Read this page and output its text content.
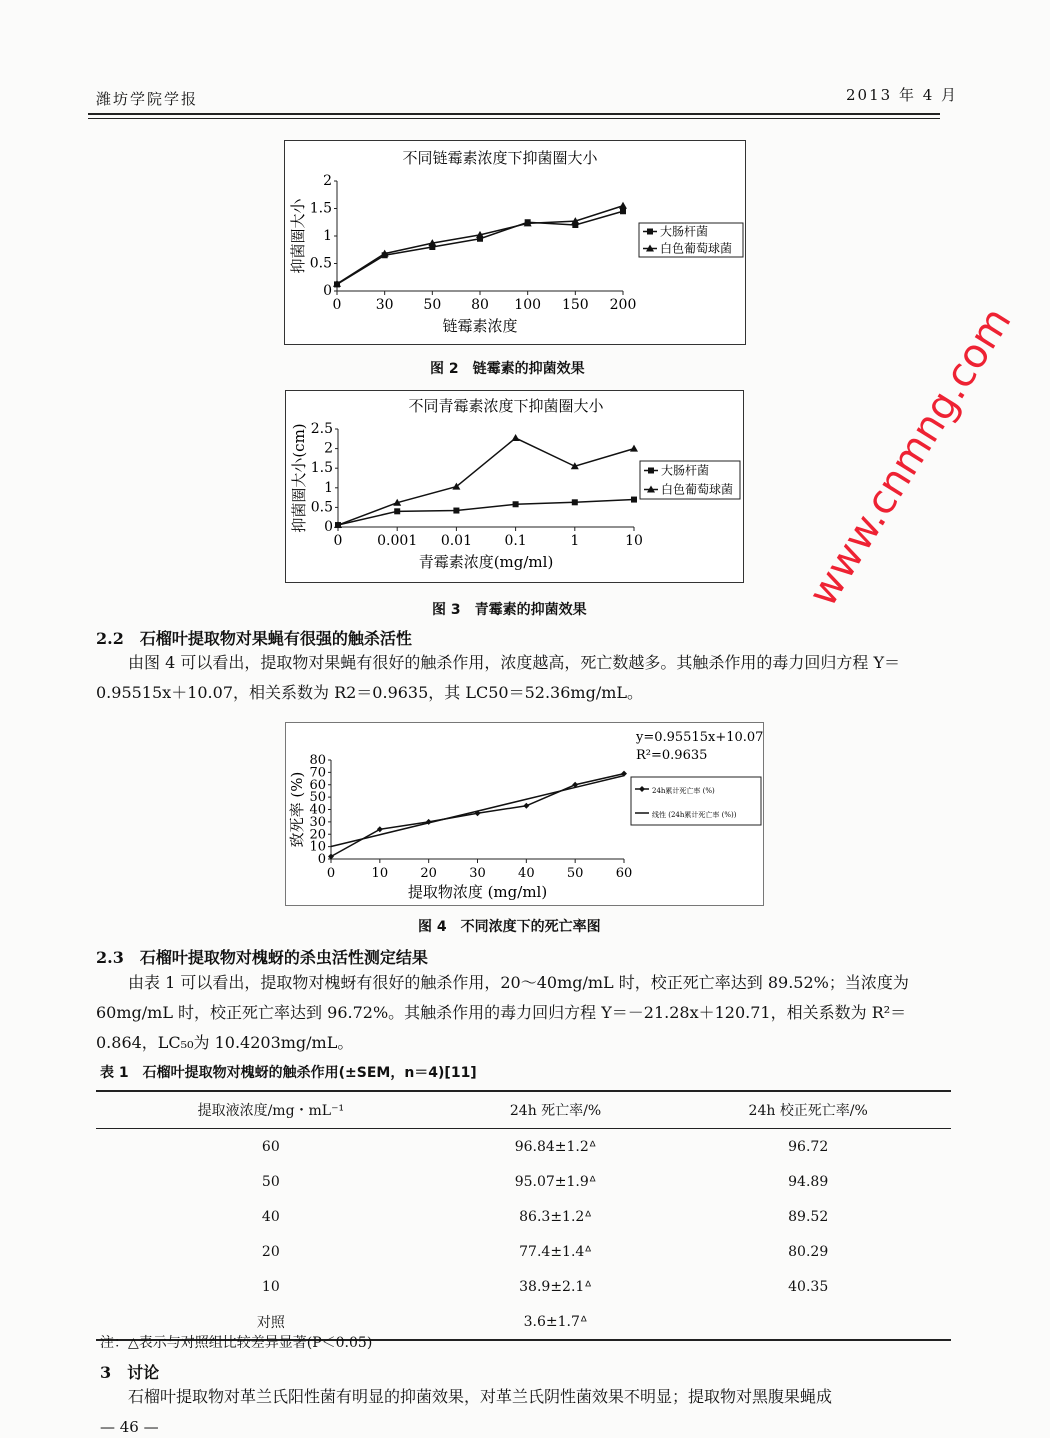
潍坊学院学报	2013 年 4 月
不同链霉素浓度下抑菌圈大小
0 30 50 80 100 150 200
0
0.5
1
1.5
2
链霉素浓度
抑菌圈大小	大肠杆菌
白色葡萄球菌
图 2　链霉素的抑菌效果
不同青霉素浓度下抑菌圈大小
0 0.001 0.01 0.1	1	10
0
0.5
1
1.5
2
2.5
青霉素浓度(mg/ml)
抑菌圈大小(cm)	大肠杆菌
白色葡萄球菌
图 3　青霉素的抑菌效果
2.2　石榴叶提取物对果蝇有很强的触杀活性
由图 4 可以看出，提取物对果蝇有很好的触杀作用，浓度越高，死亡数越多。其触杀作用的毒力回归方程 Y＝0.95515x＋10.07，相关系数为 R2＝0.9635，其 LC50＝52.36mg/mL。
0	10 20 30 40 50 60
0
10
20
30
40
50
60
70
80
提取物浓度 (mg/ml)
致死率 (%)	24h累计死亡率 (%)
线性 (24h累计死亡率 (%))
y=0.95515x+10.07
R²=0.9635
图 4　不同浓度下的死亡率图
2.3　石榴叶提取物对槐蚜的杀虫活性测定结果
由表 1 可以看出，提取物对槐蚜有很好的触杀作用，20～40mg/mL 时，校正死亡率达到 89.52%；当浓度为 60mg/mL 时，校正死亡率达到 96.72%。其触杀作用的毒力回归方程 Y＝－21.28x＋120.71，相关系数为 R²＝0.864，LC₅₀为 10.4203mg/mL。
表 1　石榴叶提取物对槐蚜的触杀作用(±SEM，n＝4)[11]
提取液浓度/mg・mL⁻¹	24h 死亡率/%	24h 校正死亡率/%
60	96.84±1.2ᐞ	96.72
50	95.07±1.9ᐞ	94.89
40	86.3±1.2ᐞ	89.52
20	77.4±1.4ᐞ	80.29
10	38.9±2.1ᐞ	40.35
对照	3.6±1.7ᐞ	
注：△表示与对照组比较差异显著(P＜0.05)
3　讨论
石榴叶提取物对革兰氏阳性菌有明显的抑菌效果，对革兰氏阴性菌效果不明显；提取物对黑腹果蝇成
— 46 —
www.cnmng.com
